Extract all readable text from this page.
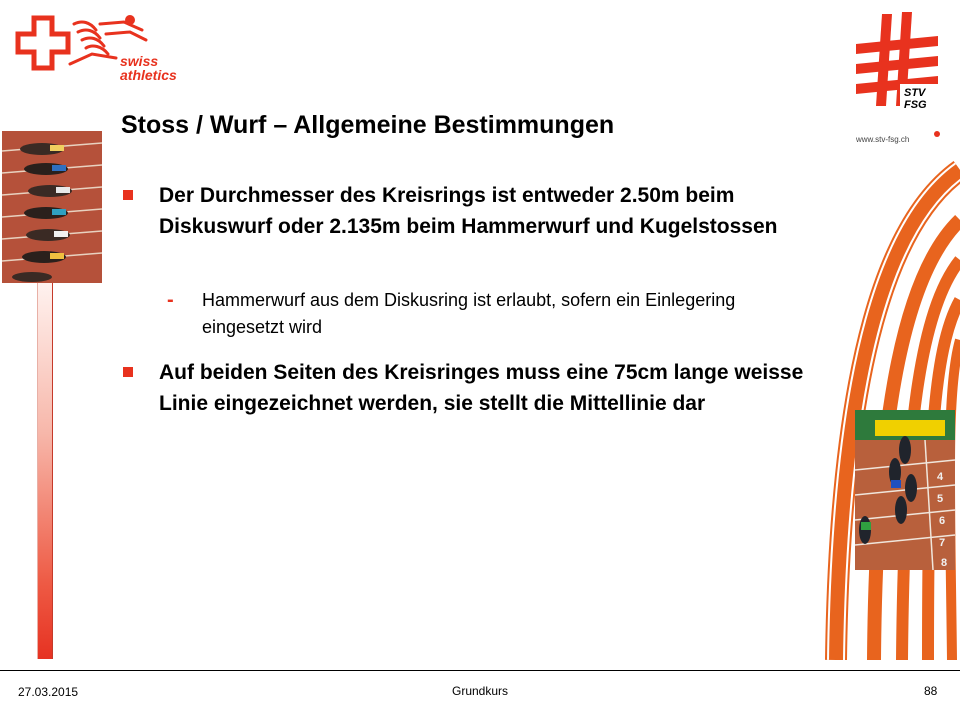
swiss
athletics
STV
FSG
www.stv-fsg.ch
4
5
6
7
8
Stoss / Wurf – Allgemeine Bestimmungen
Der Durchmesser des Kreisrings ist entweder 2.50m beim Diskuswurf oder 2.135m beim Hammerwurf und Kugelstossen
- Hammerwurf aus dem Diskusring ist erlaubt, sofern ein Einlegering eingesetzt wird
Auf beiden Seiten des Kreisringes muss eine 75cm lange weisse Linie eingezeichnet werden, sie stellt die Mittellinie dar
27.03.2015	Grundkurs	88
